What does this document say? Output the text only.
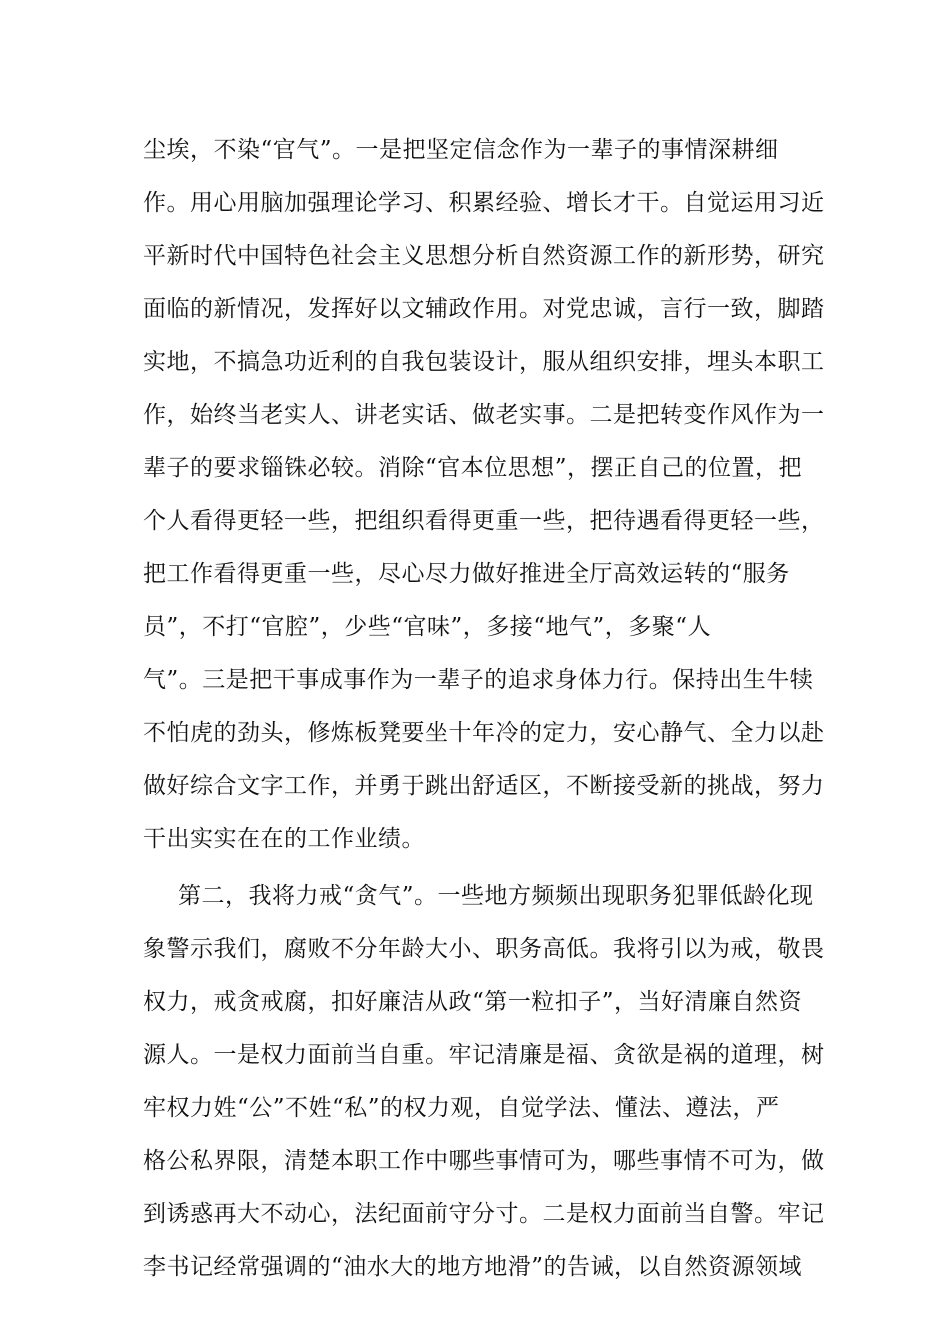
尘埃，不染“官气”。一是把坚定信念作为一辈子的事情深耕细
作。用心用脑加强理论学习、积累经验、增长才干。自觉运用习近
平新时代中国特色社会主义思想分析自然资源工作的新形势，研究
面临的新情况，发挥好以文辅政作用。对党忠诚，言行一致，脚踏
实地，不搞急功近利的自我包装设计，服从组织安排，埋头本职工
作，始终当老实人、讲老实话、做老实事。二是把转变作风作为一
辈子的要求锱铢必较。消除“官本位思想”，摆正自己的位置，把
个人看得更轻一些，把组织看得更重一些，把待遇看得更轻一些，
把工作看得更重一些，尽心尽力做好推进全厅高效运转的“服务
员”，不打“官腔”，少些“官味”，多接“地气”，多聚“人
气”。三是把干事成事作为一辈子的追求身体力行。保持出生牛犊
不怕虎的劲头，修炼板凳要坐十年冷的定力，安心静气、全力以赴
做好综合文字工作，并勇于跳出舒适区，不断接受新的挑战，努力
干出实实在在的工作业绩。
第二，我将力戒“贪气”。一些地方频频出现职务犯罪低龄化现
象警示我们，腐败不分年龄大小、职务高低。我将引以为戒，敬畏
权力，戒贪戒腐，扣好廉洁从政“第一粒扣子”，当好清廉自然资
源人。一是权力面前当自重。牢记清廉是福、贪欲是祸的道理，树
牢权力姓“公”不姓“私”的权力观，自觉学法、懂法、遵法，严
格公私界限，清楚本职工作中哪些事情可为，哪些事情不可为，做
到诱惑再大不动心，法纪面前守分寸。二是权力面前当自警。牢记
李书记经常强调的“油水大的地方地滑”的告诫，以自然资源领域
